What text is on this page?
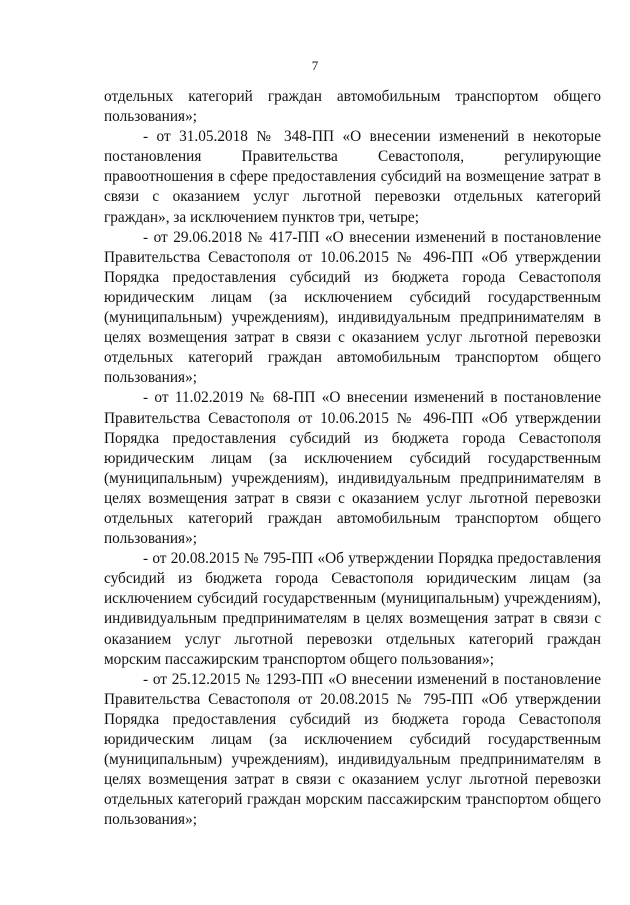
7

отдельных категорий граждан автомобильным транспортом общего пользования»;

- от 31.05.2018 № 348-ПП «О внесении изменений в некоторые постановления Правительства Севастополя, регулирующие правоотношения в сфере предоставления субсидий на возмещение затрат в связи с оказанием услуг льготной перевозки отдельных категорий граждан», за исключением пунктов три, четыре;

- от 29.06.2018 № 417-ПП «О внесении изменений в постановление Правительства Севастополя от 10.06.2015 № 496-ПП «Об утверждении Порядка предоставления субсидий из бюджета города Севастополя юридическим лицам (за исключением субсидий государственным (муниципальным) учреждениям), индивидуальным предпринимателям в целях возмещения затрат в связи с оказанием услуг льготной перевозки отдельных категорий граждан автомобильным транспортом общего пользования»;

- от 11.02.2019 № 68-ПП «О внесении изменений в постановление Правительства Севастополя от 10.06.2015 № 496-ПП «Об утверждении Порядка предоставления субсидий из бюджета города Севастополя юридическим лицам (за исключением субсидий государственным (муниципальным) учреждениям), индивидуальным предпринимателям в целях возмещения затрат в связи с оказанием услуг льготной перевозки отдельных категорий граждан автомобильным транспортом общего пользования»;

- от 20.08.2015 № 795-ПП «Об утверждении Порядка предоставления субсидий из бюджета города Севастополя юридическим лицам (за исключением субсидий государственным (муниципальным) учреждениям), индивидуальным предпринимателям в целях возмещения затрат в связи с оказанием услуг льготной перевозки отдельных категорий граждан морским пассажирским транспортом общего пользования»;

- от 25.12.2015 № 1293-ПП «О внесении изменений в постановление Правительства Севастополя от 20.08.2015 № 795-ПП «Об утверждении Порядка предоставления субсидий из бюджета города Севастополя юридическим лицам (за исключением субсидий государственным (муниципальным) учреждениям), индивидуальным предпринимателям в целях возмещения затрат в связи с оказанием услуг льготной перевозки отдельных категорий граждан морским пассажирским транспортом общего пользования»;
